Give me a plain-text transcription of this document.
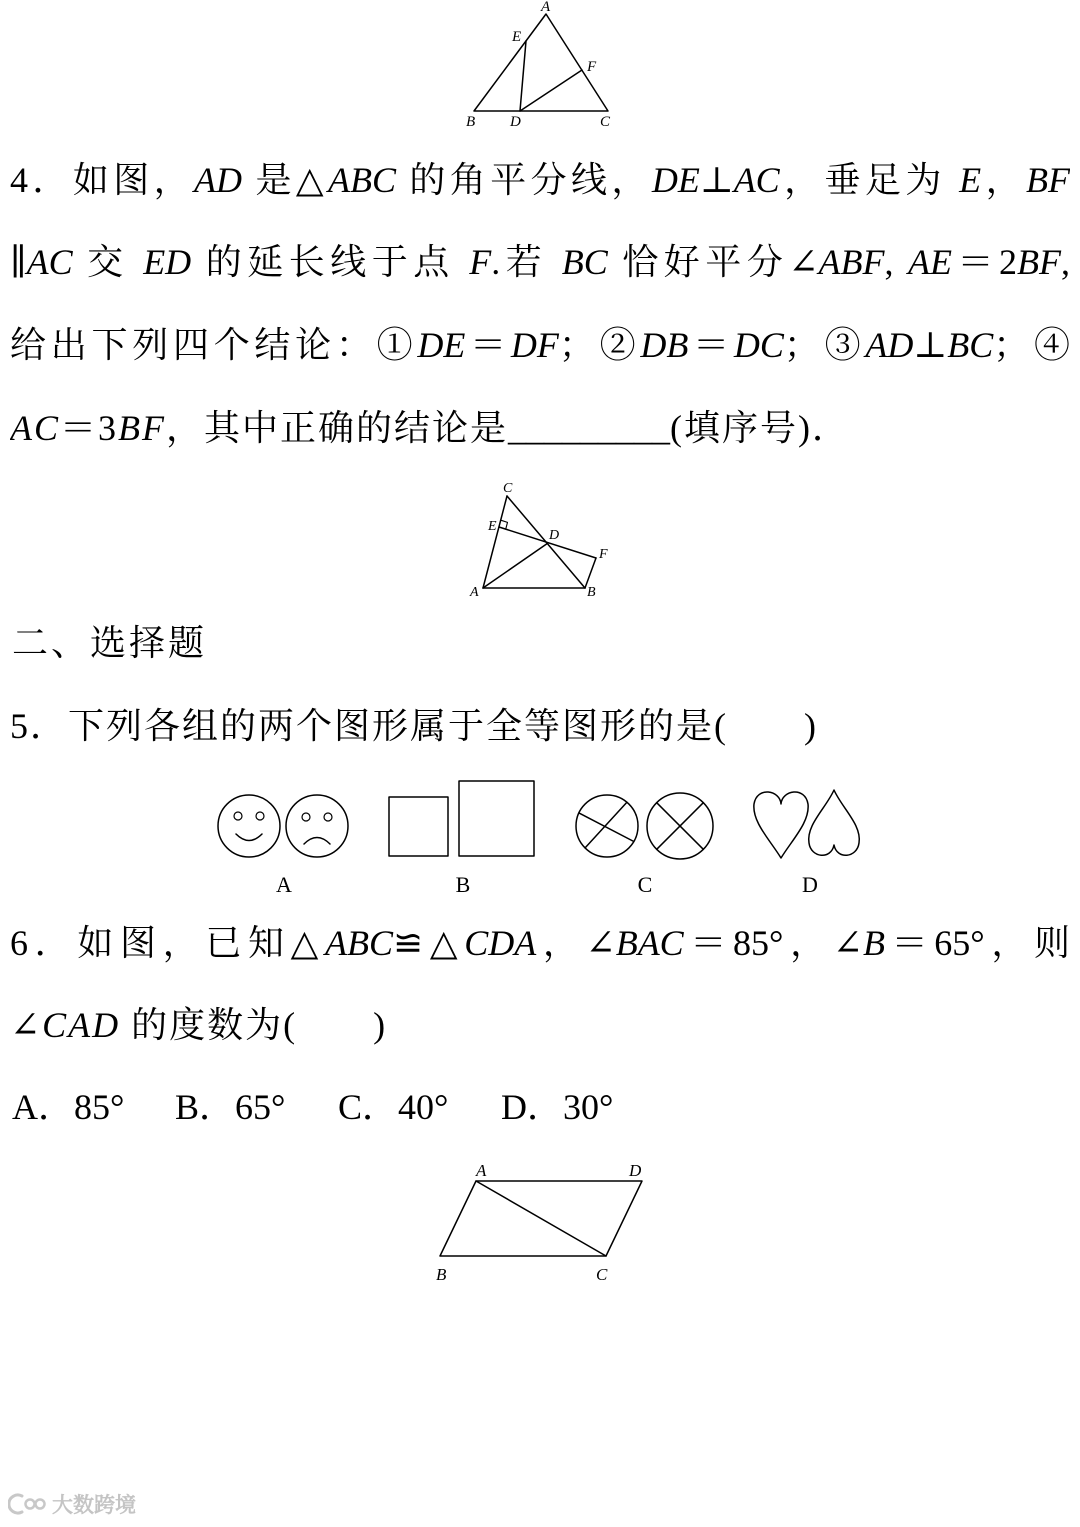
A
E
F
B D	C
4．如图，AD 是△ABC 的角平分线，DE⊥AC，垂足为 E，BF
∥AC 交 ED 的延长线于点 F.若 BC 恰好平分∠ABF, AE＝2BF,
给出下列四个结论：①DE＝DF；②DB＝DC；③AD⊥BC；④
AC＝3BF，其中正确的结论是_________(填序号)．
C
E
D
F
A	B
二、选择题
5．下列各组的两个图形属于全等图形的是(　　)
A	B	C	D
6．如图，已知△ABC≌△CDA，∠BAC＝85°，∠B＝65°，则
∠CAD 的度数为(　　)
A．85° B．65° C．40° D．30°
A	D
B	C
大数跨境
